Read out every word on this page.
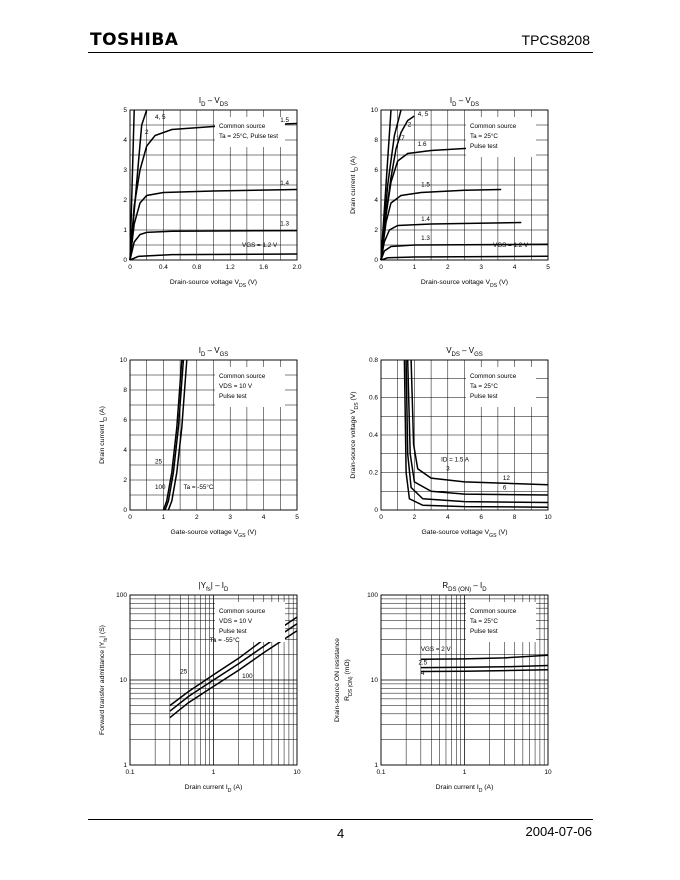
TOSHIBA	TPCS8208
0	0.4	0.8	1.2	1.6	2.0
0
1
2
3
4
5
$I_D - V_{DS}$
Drain-source voltage $V_{DS}$ (V)
Common source
Ta = 25°C, Pulse test
4, 5
2
1.5
1.4
1.3
VGS = 1.2 V
0	1	2	3	4	5
0
2
4
6
8
10
$I_D - V_{DS}$
Drain-source voltage $V_{DS}$ (V)
Drain current $I_D$ (A)
Common source
Ta = 25°C
Pulse test
4, 5
2
1.7
1.6
1.5
1.4
1.3
VGS = 1.2 V
0	1	2	3	4	5
0
2
4
6
8
10
$I_D - V_{GS}$
Gate-source voltage $V_{GS}$ (V)
Drain current $I_D$ (A)
Common source
VDS = 10 V
Pulse test
25
100	Ta = -55°C
0	2	4	6	8	10
0
0.2
0.4
0.6
0.8
$V_{DS} - V_{GS}$
Gate-source voltage $V_{GS}$ (V)
Drain-source voltage $V_{DS}$ (V)
Common source
Ta = 25°C
Pulse test
ID = 1.5 A
3
12
6
0.1	1	10
1
10
100
$|Y_{fs}| - I_D$
Drain current $I_D$ (A)
Forward transfer admittance $|Y_{fs}|$ (S)
Common source
VDS = 10 V
Pulse test
Ta = -55°C
25
100
0.1	1	10
1
10
100
$R_{DS (ON)} - I_D$
Drain current $I_D$ (A)
Drain-source ON resistance $R_{DS (ON)}$ (mΩ)
Common source
Ta = 25°C
Pulse test
VGS = 2 V
2.5
4
4	2004-07-06
